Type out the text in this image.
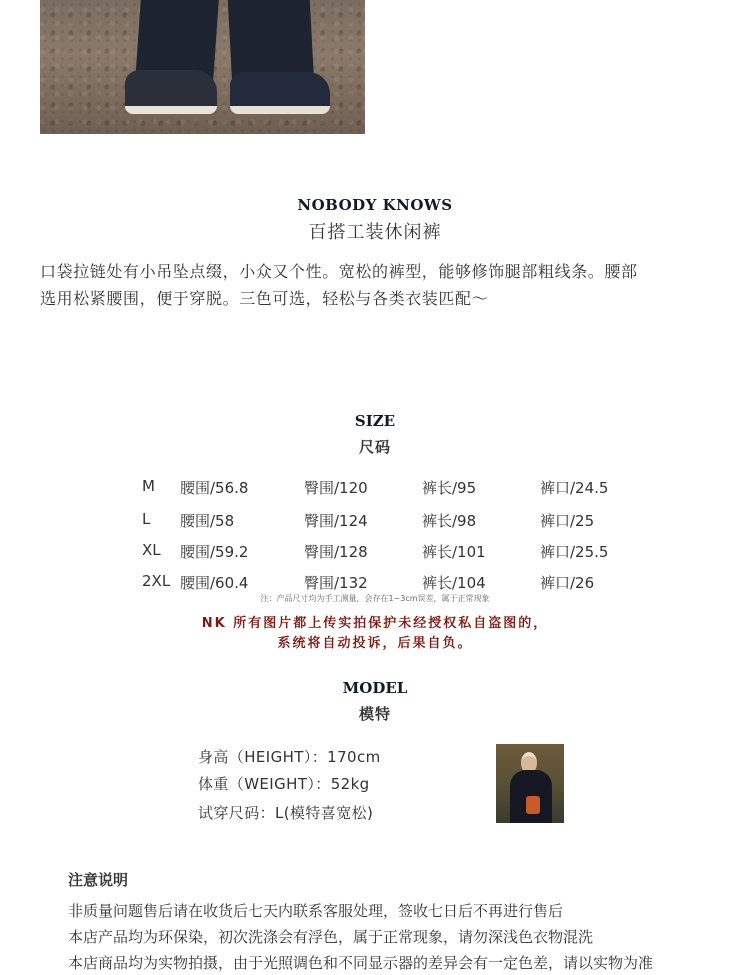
NOBODY KNOWS
百搭工装休闲裤
口袋拉链处有小吊坠点缀，小众又个性。宽松的裤型，能够修饰腿部粗线条。腰部
选用松紧腰围，便于穿脱。三色可选，轻松与各类衣装匹配～
SIZE
尺码
M 腰围/56.8	臀围/120	裤长/95	裤口/24.5
L 腰围/58	臀围/124	裤长/98	裤口/25
XL 腰围/59.2	臀围/128	裤长/101	裤口/25.5
2XL 腰围/60.4	臀围/132	裤长/104	裤口/26
注：产品尺寸均为手工测量，会存在1~3cm误差，属于正常现象
NK 所有图片都上传实拍保护未经授权私自盗图的，
系统将自动投诉，后果自负。
MODEL
模特
身高（HEIGHT）：170cm
体重（WEIGHT）：52kg
试穿尺码：L(模特喜宽松)
注意说明
非质量问题售后请在收货后七天内联系客服处理，签收七日后不再进行售后
本店产品均为环保染，初次洗涤会有浮色，属于正常现象，请勿深浅色衣物混洗
本店商品均为实物拍摄，由于光照调色和不同显示器的差异会有一定色差，请以实物为准
